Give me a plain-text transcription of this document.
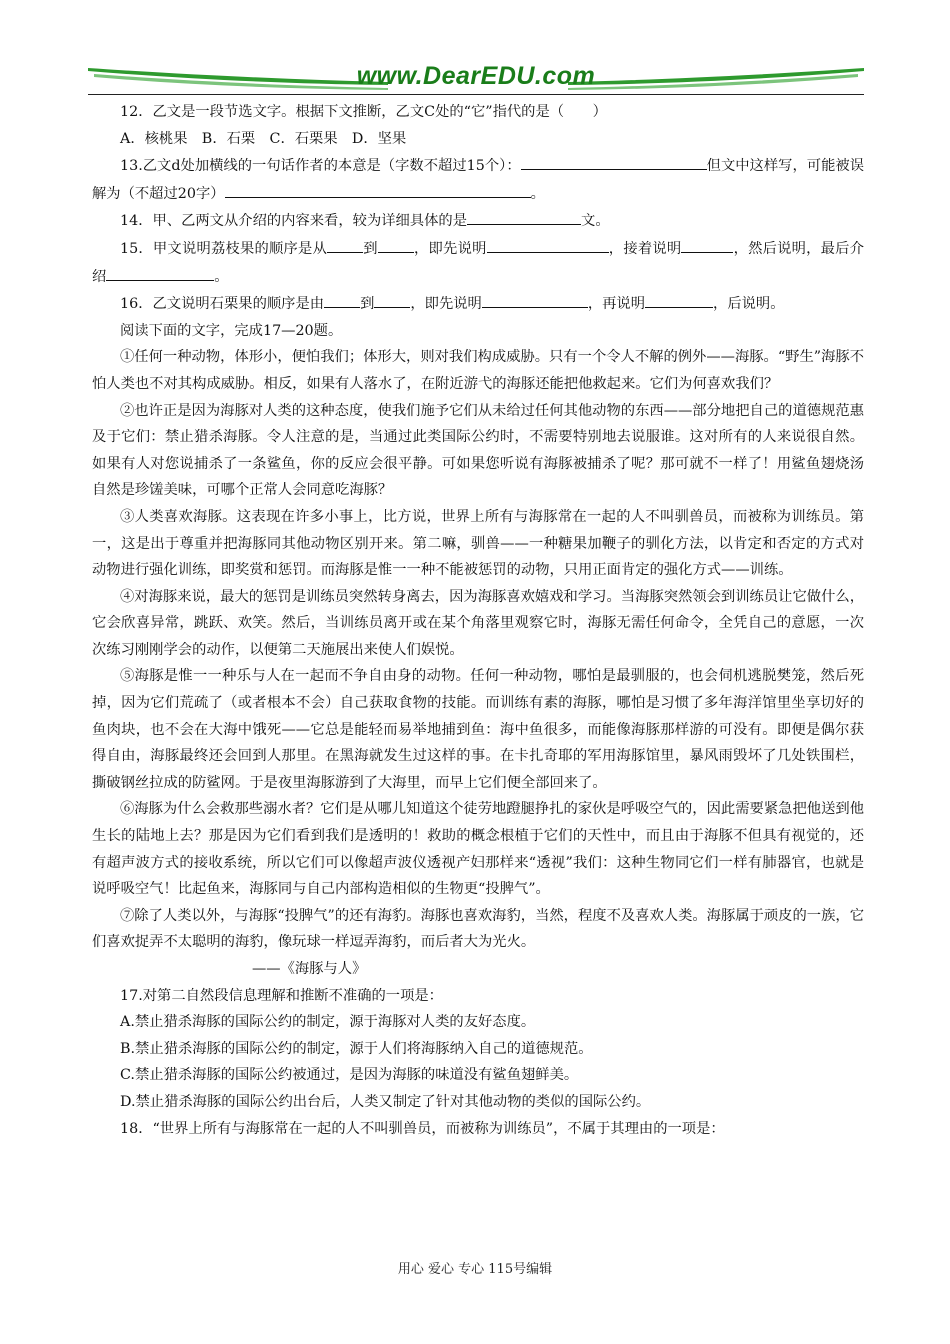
www.DearEDU.com

12．乙文是一段节选文字。根据下文推断，乙文C处的“它”指代的是（　　）

A．核桃果　B．石栗　C．石栗果　D．坚果

13.乙文d处加横线的一句话作者的本意是（字数不超过15个）：	但文中这样写，可能被误解为（不超过20字）	。

14．甲、乙两文从介绍的内容来看，较为详细具体的是	文。

15．甲文说明荔枝果的顺序是从	到	，即先说明	，接着说明	，然后说明，最后介绍	。

16．乙文说明石栗果的顺序是由	到	，即先说明	，再说明	，后说明。

阅读下面的文字，完成17—20题。

①任何一种动物，体形小，便怕我们；体形大，则对我们构成威胁。只有一个令人不解的例外——海豚。“野生”海豚不怕人类也不对其构成威胁。相反，如果有人落水了，在附近游弋的海豚还能把他救起来。它们为何喜欢我们？

②也许正是因为海豚对人类的这种态度，使我们施予它们从未给过任何其他动物的东西——部分地把自己的道德规范惠及于它们：禁止猎杀海豚。令人注意的是，当通过此类国际公约时，不需要特别地去说服谁。这对所有的人来说很自然。如果有人对您说捕杀了一条鲨鱼，你的反应会很平静。可如果您听说有海豚被捕杀了呢？那可就不一样了！用鲨鱼翅烧汤自然是珍馐美味，可哪个正常人会同意吃海豚？

③人类喜欢海豚。这表现在许多小事上，比方说，世界上所有与海豚常在一起的人不叫驯兽员，而被称为训练员。第一，这是出于尊重并把海豚同其他动物区别开来。第二嘛，驯兽——一种糖果加鞭子的驯化方法，以肯定和否定的方式对动物进行强化训练，即奖赏和惩罚。而海豚是惟一一种不能被惩罚的动物，只用正面肯定的强化方式——训练。

④对海豚来说，最大的惩罚是训练员突然转身离去，因为海豚喜欢嬉戏和学习。当海豚突然领会到训练员让它做什么，它会欣喜异常，跳跃、欢笑。然后，当训练员离开或在某个角落里观察它时，海豚无需任何命令，全凭自己的意愿，一次次练习刚刚学会的动作，以便第二天施展出来使人们娱悦。

⑤海豚是惟一一种乐与人在一起而不争自由身的动物。任何一种动物，哪怕是最驯服的，也会伺机逃脱樊笼，然后死掉，因为它们荒疏了（或者根本不会）自己获取食物的技能。而训练有素的海豚，哪怕是习惯了多年海洋馆里坐享切好的鱼肉块，也不会在大海中饿死——它总是能轻而易举地捕到鱼：海中鱼很多，而能像海豚那样游的可没有。即便是偶尔获得自由，海豚最终还会回到人那里。在黑海就发生过这样的事。在卡扎奇耶的军用海豚馆里，暴风雨毁坏了几处铁围栏，撕破钢丝拉成的防鲨网。于是夜里海豚游到了大海里，而早上它们便全部回来了。

⑥海豚为什么会救那些溺水者？它们是从哪儿知道这个徒劳地蹬腿挣扎的家伙是呼吸空气的，因此需要紧急把他送到他生长的陆地上去？那是因为它们看到我们是透明的！救助的概念根植于它们的天性中，而且由于海豚不但具有视觉的，还有超声波方式的接收系统，所以它们可以像超声波仪透视产妇那样来“透视”我们：这种生物同它们一样有肺器官，也就是说呼吸空气！比起鱼来，海豚同与自己内部构造相似的生物更“投脾气”。

⑦除了人类以外，与海豚“投脾气”的还有海豹。海豚也喜欢海豹，当然，程度不及喜欢人类。海豚属于顽皮的一族，它们喜欢捉弄不太聪明的海豹，像玩球一样逗弄海豹，而后者大为光火。

——《海豚与人》

17.对第二自然段信息理解和推断不准确的一项是：

A.禁止猎杀海豚的国际公约的制定，源于海豚对人类的友好态度。

B.禁止猎杀海豚的国际公约的制定，源于人们将海豚纳入自己的道德规范。

C.禁止猎杀海豚的国际公约被通过，是因为海豚的味道没有鲨鱼翅鲜美。

D.禁止猎杀海豚的国际公约出台后，人类又制定了针对其他动物的类似的国际公约。

18．“世界上所有与海豚常在一起的人不叫驯兽员，而被称为训练员”，不属于其理由的一项是：

用心 爱心 专心 115号编辑
